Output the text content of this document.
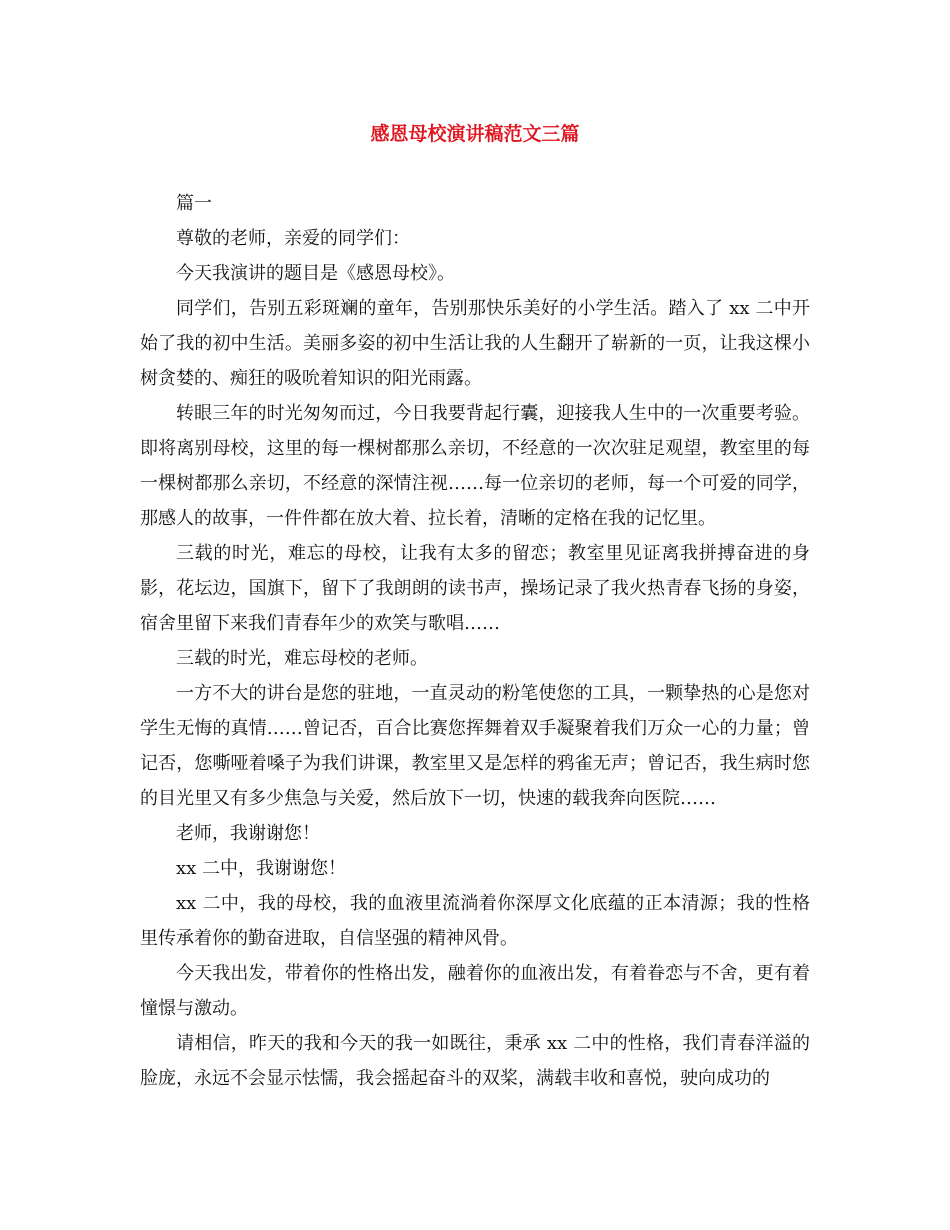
感恩母校演讲稿范文三篇

篇一

尊敬的老师，亲爱的同学们：

今天我演讲的题目是《感恩母校》。

同学们，告别五彩斑斓的童年，告别那快乐美好的小学生活。踏入了 xx 二中开始了我的初中生活。美丽多姿的初中生活让我的人生翻开了崭新的一页，让我这棵小树贪婪的、痴狂的吸吮着知识的阳光雨露。

转眼三年的时光匆匆而过，今日我要背起行囊，迎接我人生中的一次重要考验。即将离别母校，这里的每一棵树都那么亲切，不经意的一次次驻足观望，教室里的每一棵树都那么亲切，不经意的深情注视……每一位亲切的老师，每一个可爱的同学，那感人的故事，一件件都在放大着、拉长着，清晰的定格在我的记忆里。

三载的时光，难忘的母校，让我有太多的留恋；教室里见证离我拼搏奋进的身影，花坛边，国旗下，留下了我朗朗的读书声，操场记录了我火热青春飞扬的身姿，宿舍里留下来我们青春年少的欢笑与歌唱……

三载的时光，难忘母校的老师。

一方不大的讲台是您的驻地，一直灵动的粉笔使您的工具，一颗挚热的心是您对学生无悔的真情……曾记否，百合比赛您挥舞着双手凝聚着我们万众一心的力量；曾记否，您嘶哑着嗓子为我们讲课，教室里又是怎样的鸦雀无声；曾记否，我生病时您的目光里又有多少焦急与关爱，然后放下一切，快速的载我奔向医院……

老师，我谢谢您！

xx 二中，我谢谢您！

xx 二中，我的母校，我的血液里流淌着你深厚文化底蕴的正本清源；我的性格里传承着你的勤奋进取，自信坚强的精神风骨。

今天我出发，带着你的性格出发，融着你的血液出发，有着眷恋与不舍，更有着憧憬与激动。

请相信，昨天的我和今天的我一如既往，秉承 xx 二中的性格，我们青春洋溢的脸庞，永远不会显示怯懦，我会摇起奋斗的双桨，满载丰收和喜悦，驶向成功的
